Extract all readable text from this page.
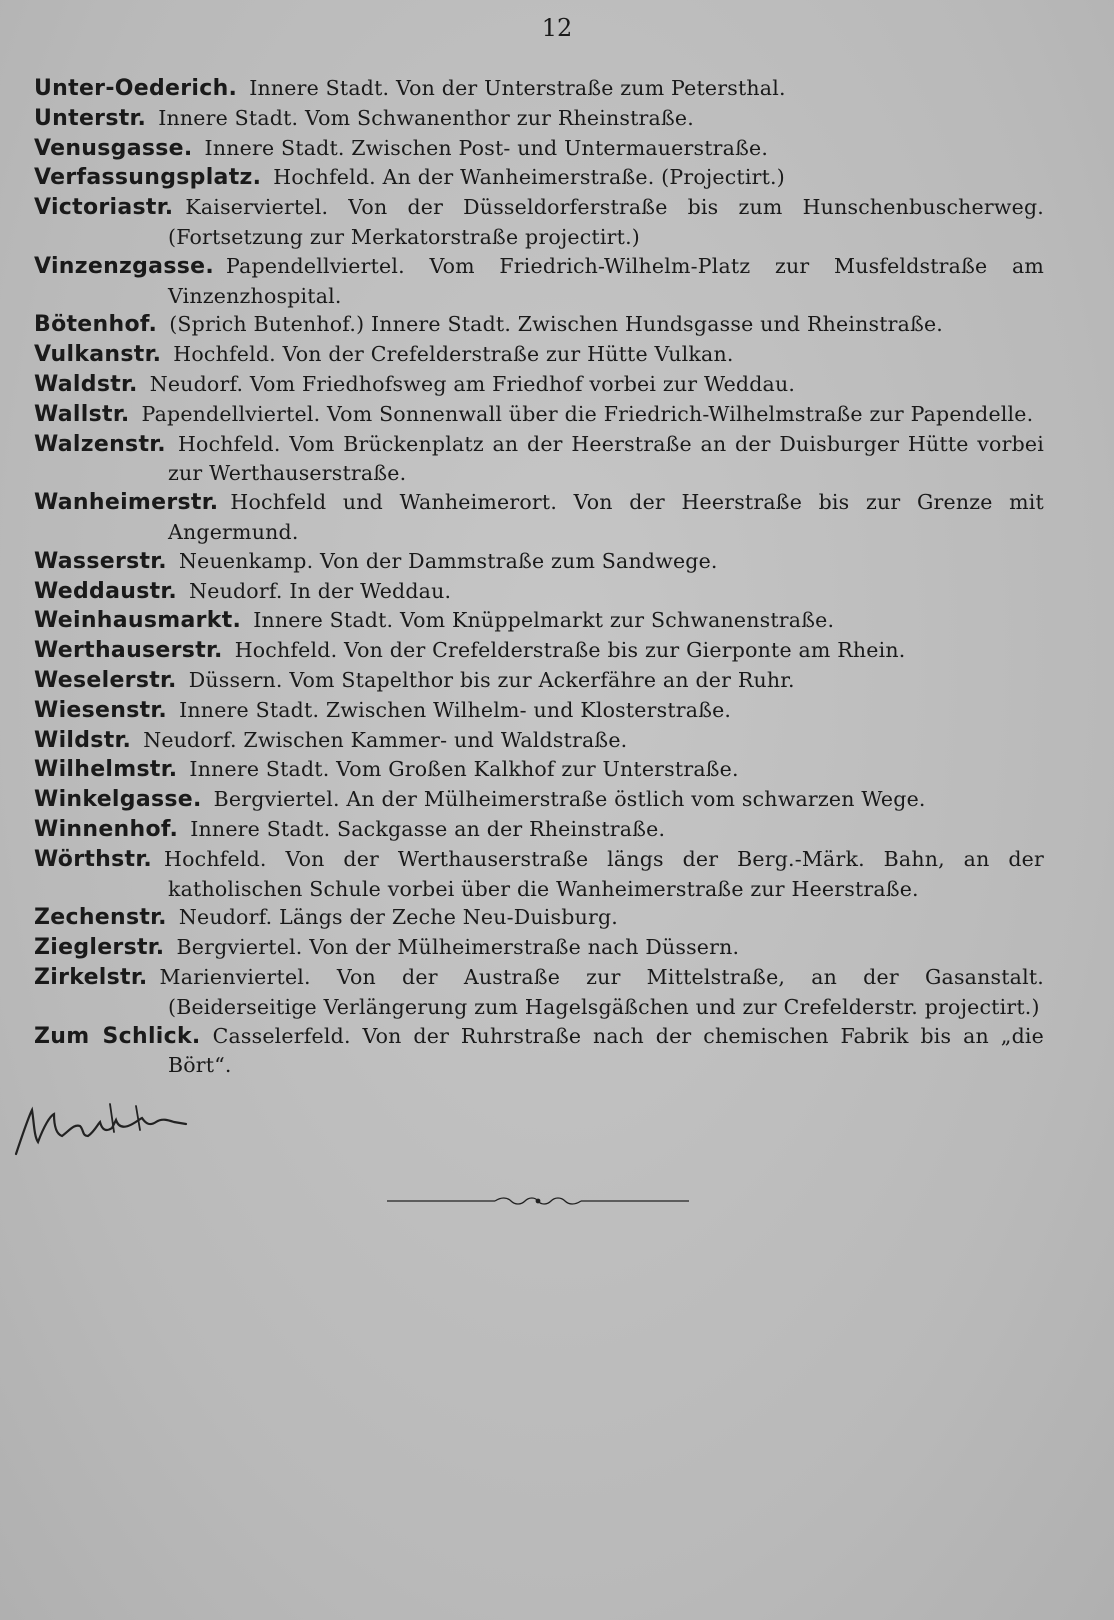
12
Unter-Oederich. Innere Stadt. Von der Unterstraße zum Petersthal.
Unterstr. Innere Stadt. Vom Schwanenthor zur Rheinstraße.
Venusgasse. Innere Stadt. Zwischen Post- und Untermauerstraße.
Verfassungsplatz. Hochfeld. An der Wanheimerstraße. (Projectirt.)
Victoriastr. Kaiserviertel. Von der Düsseldorferstraße bis zum Hunschenbuscherweg. (Fortsetzung zur Merkatorstraße projectirt.)
Vinzenzgasse. Papendellviertel. Vom Friedrich-Wilhelm-Platz zur Musfeldstraße am Vinzenzhospital.
Bötenhof. (Sprich Butenhof.) Innere Stadt. Zwischen Hundsgasse und Rheinstraße.
Vulkanstr. Hochfeld. Von der Crefelderstraße zur Hütte Vulkan.
Waldstr. Neudorf. Vom Friedhofsweg am Friedhof vorbei zur Weddau.
Wallstr. Papendellviertel. Vom Sonnenwall über die Friedrich-Wilhelmstraße zur Papendelle.
Walzenstr. Hochfeld. Vom Brückenplatz an der Heerstraße an der Duisburger Hütte vorbei zur Werthauserstraße.
Wanheimerstr. Hochfeld und Wanheimerort. Von der Heerstraße bis zur Grenze mit Angermund.
Wasserstr. Neuenkamp. Von der Dammstraße zum Sandwege.
Weddaustr. Neudorf. In der Weddau.
Weinhausmarkt. Innere Stadt. Vom Knüppelmarkt zur Schwanenstraße.
Werthauserstr. Hochfeld. Von der Crefelderstraße bis zur Gierponte am Rhein.
Weselerstr. Düssern. Vom Stapelthor bis zur Ackerfähre an der Ruhr.
Wiesenstr. Innere Stadt. Zwischen Wilhelm- und Klosterstraße.
Wildstr. Neudorf. Zwischen Kammer- und Waldstraße.
Wilhelmstr. Innere Stadt. Vom Großen Kalkhof zur Unterstraße.
Winkelgasse. Bergviertel. An der Mülheimerstraße östlich vom schwarzen Wege.
Winnenhof. Innere Stadt. Sackgasse an der Rheinstraße.
Wörthstr. Hochfeld. Von der Werthauserstraße längs der Berg.-Märk. Bahn, an der katholischen Schule vorbei über die Wanheimerstraße zur Heerstraße.
Zechenstr. Neudorf. Längs der Zeche Neu-Duisburg.
Zieglerstr. Bergviertel. Von der Mülheimerstraße nach Düssern.
Zirkelstr. Marienviertel. Von der Austraße zur Mittelstraße, an der Gasanstalt. (Beiderseitige Verlängerung zum Hagelsgäßchen und zur Crefelderstr. projectirt.)
Zum Schlick. Casselerfeld. Von der Ruhrstraße nach der chemischen Fabrik bis an „die Bört“.
